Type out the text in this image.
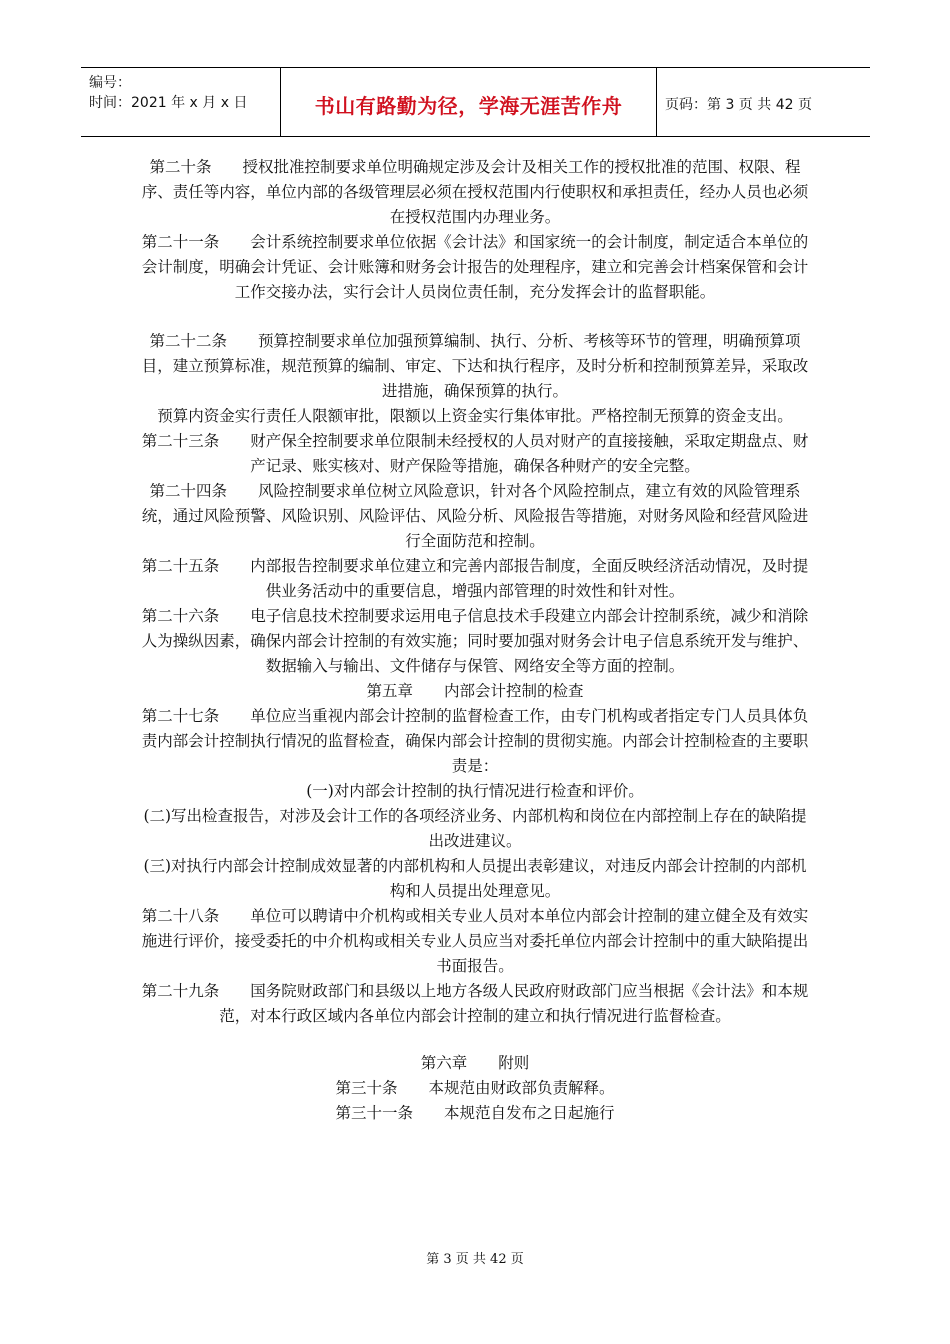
编号：
时间：2021 年 x 月 x 日	书山有路勤为径，学海无涯苦作舟	页码：第 3 页 共 42 页

第二十条　　授权批准控制要求单位明确规定涉及会计及相关工作的授权批准的范围、权限、程序、责任等内容，单位内部的各级管理层必须在授权范围内行使职权和承担责任，经办人员也必须在授权范围内办理业务。

第二十一条　　会计系统控制要求单位依据《会计法》和国家统一的会计制度，制定适合本单位的会计制度，明确会计凭证、会计账簿和财务会计报告的处理程序，建立和完善会计档案保管和会计工作交接办法，实行会计人员岗位责任制，充分发挥会计的监督职能。

第二十二条　　预算控制要求单位加强预算编制、执行、分析、考核等环节的管理，明确预算项目，建立预算标准，规范预算的编制、审定、下达和执行程序，及时分析和控制预算差异，采取改进措施，确保预算的执行。

预算内资金实行责任人限额审批，限额以上资金实行集体审批。严格控制无预算的资金支出。

第二十三条　　财产保全控制要求单位限制未经授权的人员对财产的直接接触，采取定期盘点、财产记录、账实核对、财产保险等措施，确保各种财产的安全完整。

第二十四条　　风险控制要求单位树立风险意识，针对各个风险控制点，建立有效的风险管理系统，通过风险预警、风险识别、风险评估、风险分析、风险报告等措施，对财务风险和经营风险进行全面防范和控制。

第二十五条　　内部报告控制要求单位建立和完善内部报告制度，全面反映经济活动情况，及时提供业务活动中的重要信息，增强内部管理的时效性和针对性。

第二十六条　　电子信息技术控制要求运用电子信息技术手段建立内部会计控制系统，减少和消除人为操纵因素，确保内部会计控制的有效实施；同时要加强对财务会计电子信息系统开发与维护、数据输入与输出、文件储存与保管、网络安全等方面的控制。

第五章　　内部会计控制的检查

第二十七条　　单位应当重视内部会计控制的监督检查工作，由专门机构或者指定专门人员具体负责内部会计控制执行情况的监督检查，确保内部会计控制的贯彻实施。内部会计控制检查的主要职责是：

(一)对内部会计控制的执行情况进行检查和评价。

(二)写出检查报告，对涉及会计工作的各项经济业务、内部机构和岗位在内部控制上存在的缺陷提出改进建议。

(三)对执行内部会计控制成效显著的内部机构和人员提出表彰建议，对违反内部会计控制的内部机构和人员提出处理意见。

第二十八条　　单位可以聘请中介机构或相关专业人员对本单位内部会计控制的建立健全及有效实施进行评价，接受委托的中介机构或相关专业人员应当对委托单位内部会计控制中的重大缺陷提出书面报告。

第二十九条　　国务院财政部门和县级以上地方各级人民政府财政部门应当根据《会计法》和本规范，对本行政区域内各单位内部会计控制的建立和执行情况进行监督检查。

第六章　　附则

第三十条　　本规范由财政部负责解释。

第三十一条　　本规范自发布之日起施行

第 3 页 共 42 页
